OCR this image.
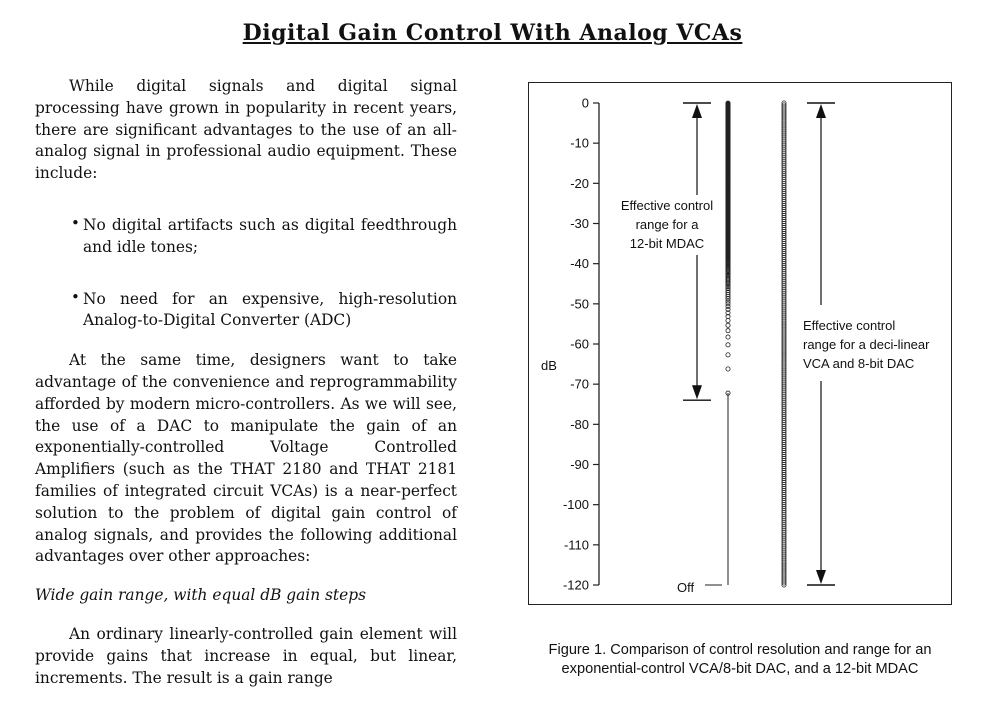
Digital Gain Control With Analog VCAs

While digital signals and digital signal processing have grown in popularity in recent years, there are significant advantages to the use of an all-analog signal in professional audio equipment. These include:

• No digital artifacts such as digital feedthrough and idle tones;

• No need for an expensive, high-resolution Analog-to-Digital Converter (ADC)

At the same time, designers want to take advantage of the convenience and reprogrammability afforded by modern micro-controllers. As we will see, the use of a DAC to manipulate the gain of an exponentially-controlled Voltage Controlled Amplifiers (such as the THAT 2180 and THAT 2181 families of integrated circuit VCAs) is a near-perfect solution to the problem of digital gain control of analog signals, and provides the following additional advantages over other approaches:

Wide gain range, with equal dB gain steps

An ordinary linearly-controlled gain element will provide gains that increase in equal, but linear, increments. The result is a gain range

0
-10
-20
-30
-40
-50
-60
-70
-80
-90
-100
-110
-120
dB
Off
Effective control
range for a
12-bit MDAC
Effective control
range for a deci-linear
VCA and 8-bit DAC
Figure 1. Comparison of control resolution and range for an
exponential-control VCA/8-bit DAC, and a 12-bit MDAC
